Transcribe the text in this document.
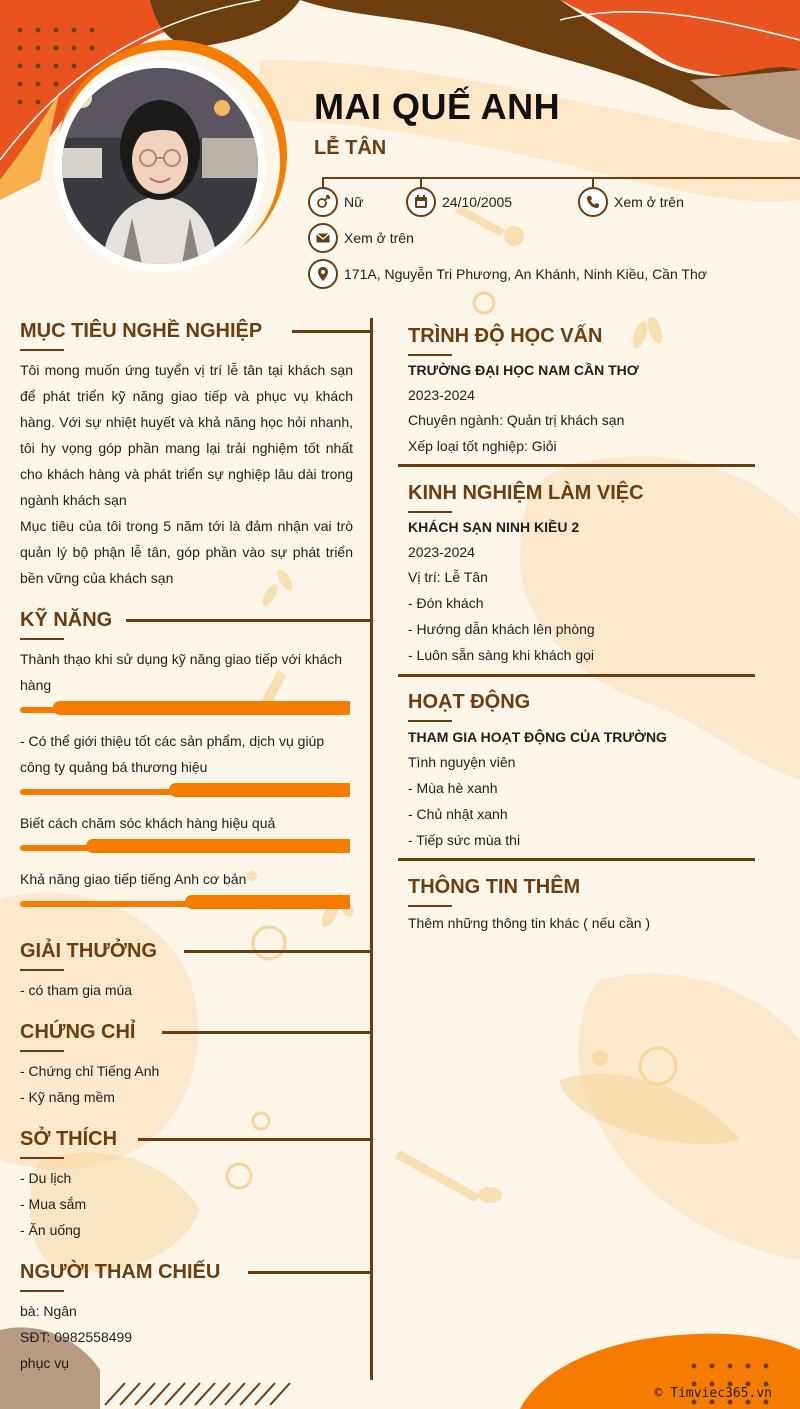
MAI QUẾ ANH
LỄ TÂN
Nữ	24/10/2005	Xem ở trên
Xem ở trên
171A, Nguyễn Tri Phương, An Khánh, Ninh Kiều, Cần Thơ
MỤC TIÊU NGHỀ NGHIỆP
Tôi mong muốn ứng tuyển vị trí lễ tân tại khách sạn để phát triển kỹ năng giao tiếp và phục vụ khách hàng. Với sự nhiệt huyết và khả năng học hỏi nhanh, tôi hy vọng góp phần mang lại trải nghiệm tốt nhất cho khách hàng và phát triển sự nghiệp lâu dài trong ngành khách sạn
Mục tiêu của tôi trong 5 năm tới là đảm nhận vai trò quản lý bộ phận lễ tân, góp phần vào sự phát triển bền vững của khách sạn
KỸ NĂNG
Thành thạo khi sử dụng kỹ năng giao tiếp với khách hàng
- Có thể giới thiệu tốt các sản phẩm, dịch vụ giúp công ty quảng bá thương hiệu
Biết cách chăm sóc khách hàng hiệu quả
Khả năng giao tiếp tiếng Anh cơ bản
GIẢI THƯỞNG
- có tham gia múa
CHỨNG CHỈ
- Chứng chỉ Tiếng Anh
- Kỹ năng mềm
SỞ THÍCH
- Du lịch
- Mua sắm
- Ăn uống
NGƯỜI THAM CHIẾU
bà: Ngân
SĐT: 0982558499
phục vụ
TRÌNH ĐỘ HỌC VẤN
TRƯỜNG ĐẠI HỌC NAM CẦN THƠ
2023-2024
Chuyên ngành: Quản trị khách sạn
Xếp loại tốt nghiệp: Giỏi
KINH NGHIỆM LÀM VIỆC
KHÁCH SẠN NINH KIỀU 2
2023-2024
Vị trí: Lễ Tân
- Đón khách
- Hướng dẫn khách lên phòng
- Luôn sẵn sàng khi khách gọi
HOẠT ĐỘNG
THAM GIA HOẠT ĐỘNG CỦA TRƯỜNG
Tình nguyện viên
- Mùa hè xanh
- Chủ nhật xanh
- Tiếp sức mùa thi
THÔNG TIN THÊM
Thêm những thông tin khác ( nếu cần )
© Timviec365.vn
